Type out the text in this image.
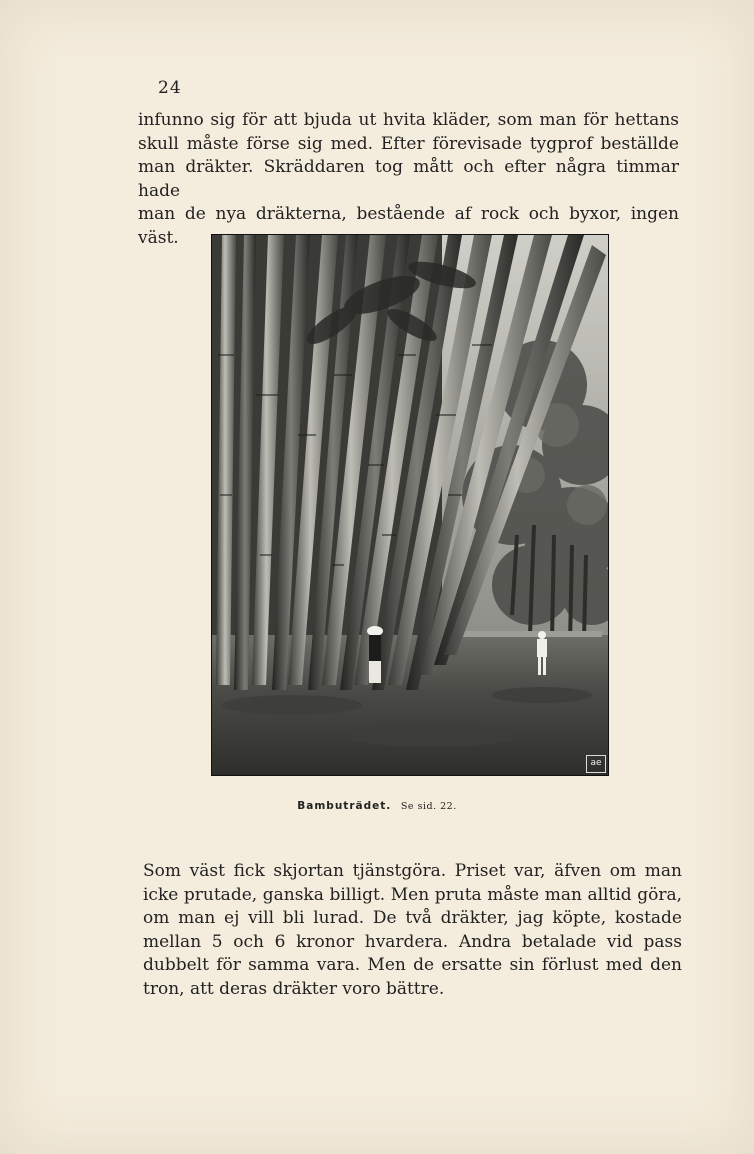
24
infunno sig för att bjuda ut hvita kläder, som man för hettans
skull måste förse sig med. Efter förevisade tygprof beställde
man dräkter. Skräddaren tog mått och efter några timmar hade
man de nya dräkterna, bestående af rock och byxor, ingen väst.
ae
Bambuträdet. Se sid. 22.
Som väst fick skjortan tjänstgöra. Priset var, äfven om man
icke prutade, ganska billigt. Men pruta måste man alltid göra,
om man ej vill bli lurad. De två dräkter, jag köpte, kostade
mellan 5 och 6 kronor hvardera. Andra betalade vid pass
dubbelt för samma vara. Men de ersatte sin förlust med den
tron, att deras dräkter voro bättre.
